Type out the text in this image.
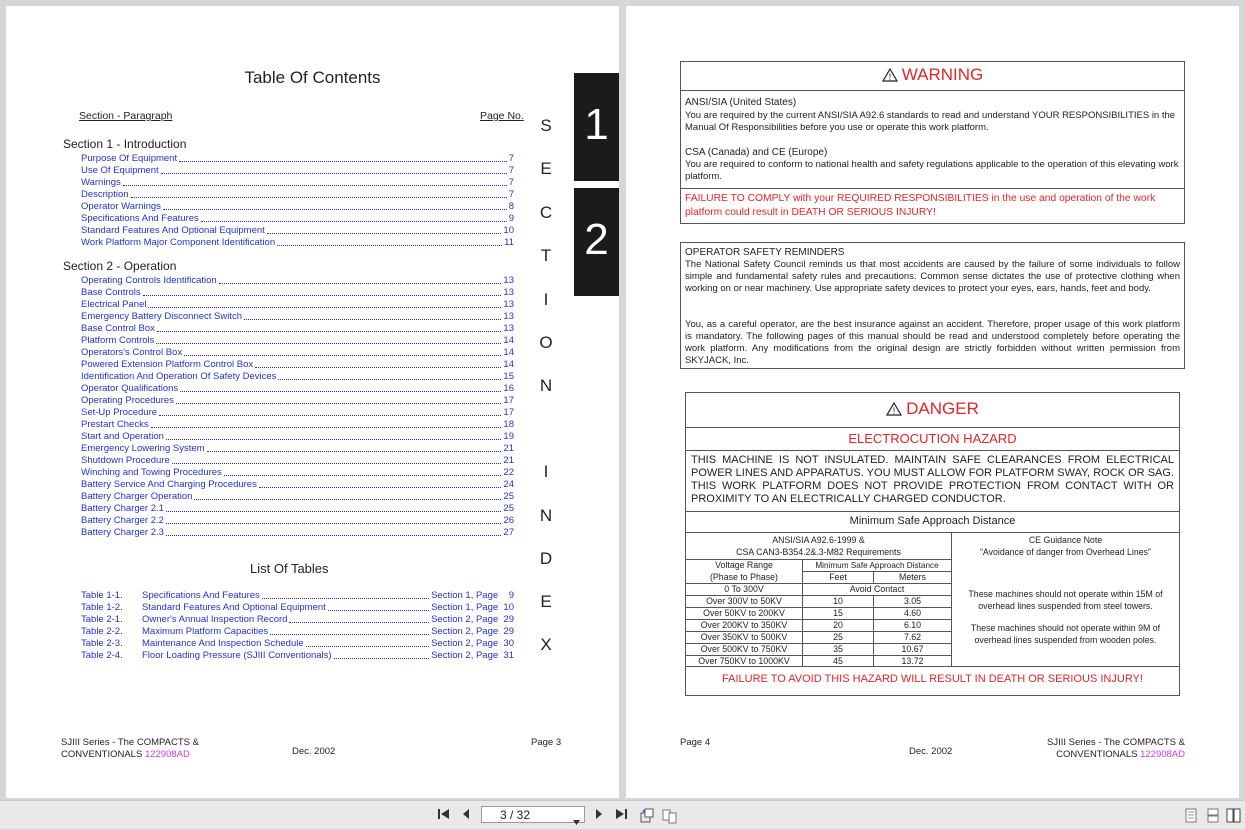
Table Of Contents
Section - Paragraph	Page No.
Section 1 - Introduction
Purpose Of Equipment	7
Use Of Equipment	7
Warnings	7
Description	7
Operator Warnings	8
Specifications And Features	9
Standard Features And Optional Equipment	10
Work Platform Major Component Identification	11
Section 2 - Operation
Operating Controls Identification	13
Base Controls	13
Electrical Panel	13
Emergency Battery Disconnect Switch	13
Base Control Box	13
Platform Controls	14
Operators's Control Box	14
Powered Extension Platform Control Box	14
Identification And Operation Of Safety Devices	15
Operator Qualifications	16
Operating Procedures	17
Set-Up Procedure	17
Prestart Checks	18
Start and Operation	19
Emergency Lowering System	21
Shutdown Procedure	21
Winching and Towing Procedures	22
Battery Service And Charging Procedures	24
Battery Charger Operation	25
Battery Charger 2.1	25
Battery Charger 2.2	26
Battery Charger 2.3	27
List Of Tables
Table 1-1.	Specifications And Features	Section 1, Page    9
Table 1-2.	Standard Features And Optional Equipment	Section 1, Page  10
Table 2-1.	Owner's Annual Inspection Record	Section 2, Page  29
Table 2-2.	Maximum Platform Capacities	Section 2, Page  29
Table 2-3.	Maintenance And Inspection Schedule	Section 2, Page  30
Table 2-4.	Floor Loading Pressure (SJIII Conventionals)	Section 2, Page  31
S
E
C
T
I
O
N
I
N
D
E
X
1
2
SJIII Series - The COMPACTS &
CONVENTIONALS 122908AD	Dec. 2002
Page 3
! WARNING
ANSI/SIA (United States)
You are required by the current ANSI/SIA A92.6 standards to read and understand YOUR RESPONSIBILITIES in the Manual Of Responsibilities before you use or operate this work platform.
CSA (Canada) and CE (Europe)
You are required to conform to national health and safety regulations applicable to the operation of this elevating work platform.
FAILURE TO COMPLY with your REQUIRED RESPONSIBILITIES in the use and operation of the work platform could result in DEATH OR SERIOUS INJURY!
OPERATOR SAFETY REMINDERS
The National Safety Council reminds us that most accidents are caused by the failure of some individuals to follow simple and fundamental safety rules and precautions. Common sense dictates the use of protective clothing when working on or near machinery. Use appropriate safety devices to protect your eyes, ears, hands, feet and body.
You, as a careful operator, are the best insurance against an accident. Therefore, proper usage of this work platform is mandatory. The following pages of this manual should be read and understood completely before operating the work platform. Any modifications from the original design are strictly forbidden without written permission from SKYJACK, Inc.
! DANGER
ELECTROCUTION HAZARD
THIS MACHINE IS NOT INSULATED. MAINTAIN SAFE CLEARANCES FROM ELECTRICAL POWER LINES AND APPARATUS. YOU MUST ALLOW FOR PLATFORM SWAY, ROCK OR SAG. THIS WORK PLATFORM DOES NOT PROVIDE PROTECTION FROM CONTACT WITH OR PROXIMITY TO AN ELECTRICALLY CHARGED CONDUCTOR.
Minimum Safe Approach Distance
ANSI/SIA A92.6-1999 &
CSA CAN3-B354.2&.3-M82 Requirements
Voltage Range
(Phase to Phase)
Minimum Safe Approach Distance
Feet	Meters
0 To 300V	Avoid Contact
Over 300V to 50KV	10	3.05
Over 50KV to 200KV	15	4.60
Over 200KV to 350KV	20	6.10
Over 350KV to 500KV	25	7.62
Over 500KV to 750KV	35	10.67
Over 750KV to 1000KV	45	13.72
CE Guidance Note
“Avoidance of danger from Overhead Lines”
These machines should not operate within 15M of overhead lines suspended from steel towers.
These machines should not operate within 9M of overhead lines suspended from wooden poles.
FAILURE TO AVOID THIS HAZARD WILL RESULT IN DEATH OR SERIOUS INJURY!
Page 4
Dec. 2002
SJIII Series - The COMPACTS &
CONVENTIONALS 122908AD
3 / 32
